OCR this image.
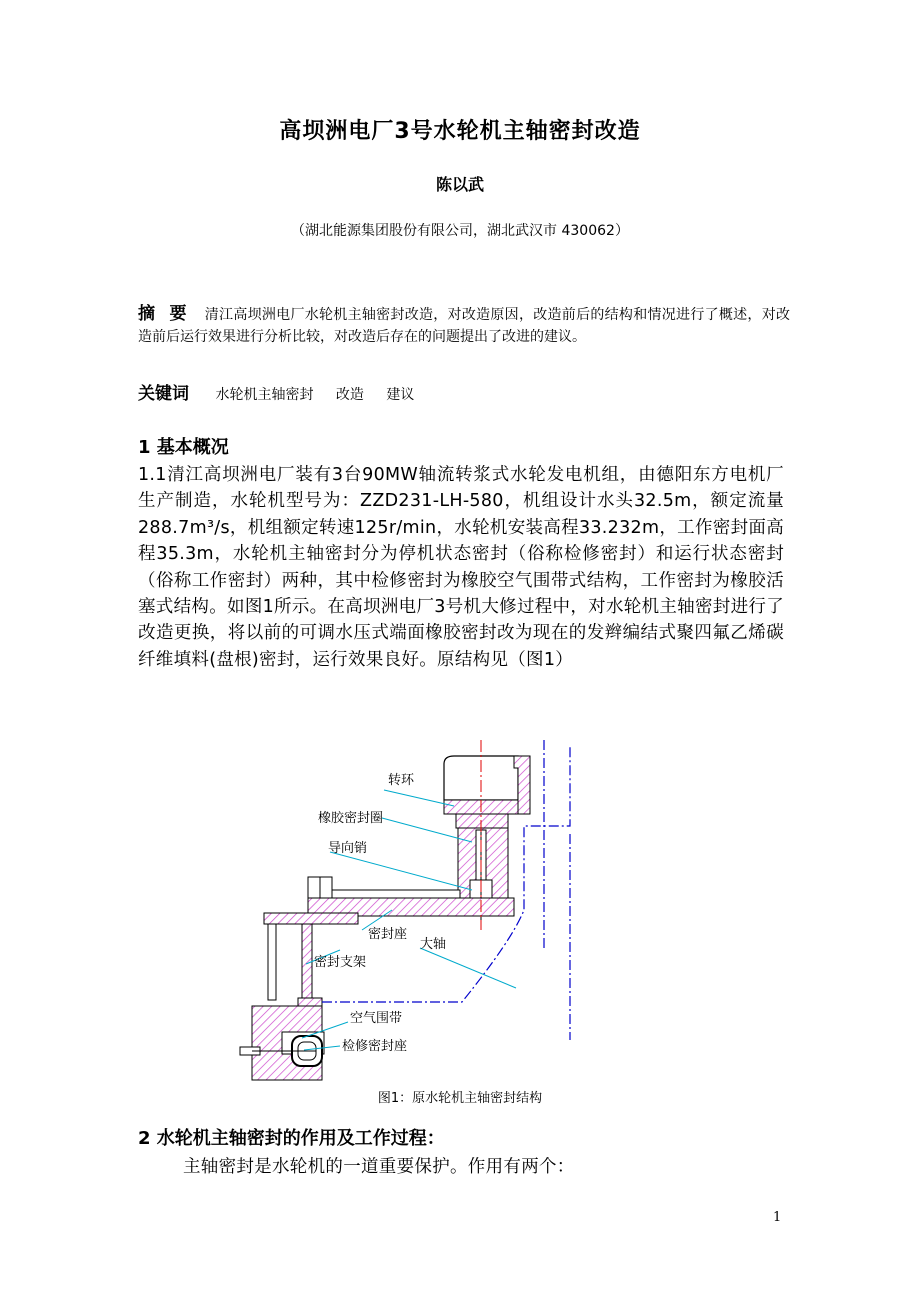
高坝洲电厂3号水轮机主轴密封改造
陈以武
（湖北能源集团股份有限公司，湖北武汉市 430062）
摘 要 清江高坝洲电厂水轮机主轴密封改造，对改造原因，改造前后的结构和情况进行了概述，对改造前后运行效果进行分析比较，对改造后存在的问题提出了改进的建议。
关键词 水轮机主轴密封 改造 建议
1 基本概况
1.1清江高坝洲电厂装有3台90MW轴流转浆式水轮发电机组，由德阳东方电机厂生产制造，水轮机型号为：ZZD231-LH-580，机组设计水头32.5m，额定流量288.7m³/s，机组额定转速125r/min，水轮机安装高程33.232m，工作密封面高程35.3m，水轮机主轴密封分为停机状态密封（俗称检修密封）和运行状态密封（俗称工作密封）两种，其中检修密封为橡胶空气围带式结构，工作密封为橡胶活塞式结构。如图1所示。在高坝洲电厂3号机大修过程中，对水轮机主轴密封进行了改造更换，将以前的可调水压式端面橡胶密封改为现在的发辫编结式聚四氟乙烯碳纤维填料(盘根)密封，运行效果良好。原结构见（图1）
转环
橡胶密封圈
导向销
密封座
大轴
密封支架
空气围带
检修密封座
图1：原水轮机主轴密封结构
2 水轮机主轴密封的作用及工作过程：
主轴密封是水轮机的一道重要保护。作用有两个：
1
